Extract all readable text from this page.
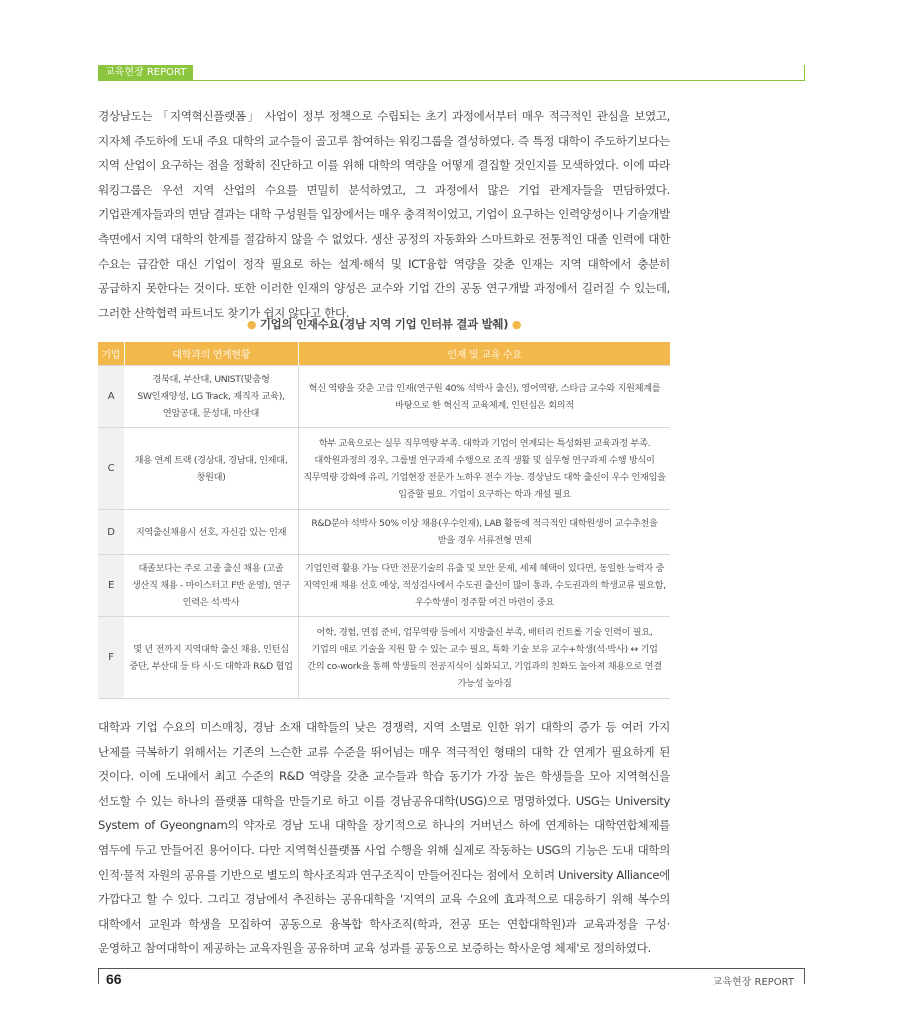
교육현장 REPORT

경상남도는 「지역혁신플랫폼」 사업이 정부 정책으로 수립되는 초기 과정에서부터 매우 적극적인 관심을 보였고, 지자체 주도하에 도내 주요 대학의 교수들이 골고루 참여하는 워킹그룹을 결성하였다. 즉 특정 대학이 주도하기보다는 지역 산업이 요구하는 점을 정확히 진단하고 이를 위해 대학의 역량을 어떻게 결집할 것인지를 모색하였다. 이에 따라 워킹그룹은 우선 지역 산업의 수요를 면밀히 분석하였고, 그 과정에서 많은 기업 관계자들을 면담하였다. 기업관계자들과의 면담 결과는 대학 구성원들 입장에서는 매우 충격적이었고, 기업이 요구하는 인력양성이나 기술개발 측면에서 지역 대학의 한계를 절감하지 않을 수 없었다. 생산 공정의 자동화와 스마트화로 전통적인 대졸 인력에 대한 수요는 급감한 대신 기업이 정작 필요로 하는 설계·해석 및 ICT융합 역량을 갖춘 인재는 지역 대학에서 충분히 공급하지 못한다는 것이다. 또한 이러한 인재의 양성은 교수와 기업 간의 공동 연구개발 과정에서 길러질 수 있는데, 그러한 산학협력 파트너도 찾기가 쉽지 않다고 한다.

● 기업의 인재수요(경남 지역 기업 인터뷰 결과 발췌) ●
기업	대학과의 연계현황	인재 및 교육 수요
A	경북대, 부산대, UNIST(맞춤형 SW인재양성, LG Track, 재직자 교육), 연암공대, 문성대, 마산대	혁신 역량을 갖춘 고급 인재(연구원 40% 석박사 출신), 영어역량, 스타급 교수와 지원체계를 바탕으로 한 혁신적 교육체계, 인턴십은 회의적
C	채용 연계 트랙 (경상대, 경남대, 인제대, 창원대)	학부 교육으로는 실무 직무역량 부족. 대학과 기업이 연계되는 특성화된 교육과정 부족. 대학원과정의 경우, 그룹별 연구과제 수행으로 조직 생활 및 실무형 연구과제 수행 방식이 직무역량 강화에 유리, 기업현장 전문가 노하우 전수 가능. 경상남도 대학 출신이 우수 인재임을 입증할 필요. 기업이 요구하는 학과 개설 필요
D	지역출신채용시 선호, 자신감 있는 인재	R&D분야 석박사 50% 이상 채용(우수인재), LAB 활동에 적극적인 대학원생이 교수추천을 받을 경우 서류전형 면제
E	대졸보다는 주로 고졸 출신 채용 (고졸 생산직 채용 - 마이스터고 F반 운영), 연구 인력은 석·박사	기업인력 활용 가능 다만 전문기술의 유출 및 보안 문제, 세제 혜택이 있다면, 동일한 능력자 중 지역인재 채용 선호 예상, 적성검사에서 수도권 출신이 많이 통과, 수도권과의 학생교류 필요함, 우수학생이 정주할 여건 마련이 중요
F	몇 년 전까지 지역대학 출신 채용, 인턴십 중단, 부산대 등 타 시·도 대학과 R&D 협업	어학, 경험, 면접 준비, 업무역량 등에서 지방출신 부족, 배터리 컨트롤 기술 인력이 필요, 기업의 애로 기술을 지원 할 수 있는 교수 필요, 특화 기술 보유 교수+학생(석·박사) ↔ 기업 간의 co-work을 통해 학생들의 전공지식이 심화되고, 기업과의 친화도 높아져 채용으로 연결 가능성 높아짐

대학과 기업 수요의 미스매칭, 경남 소재 대학들의 낮은 경쟁력, 지역 소멸로 인한 위기 대학의 증가 등 여러 가지 난제를 극복하기 위해서는 기존의 느슨한 교류 수준을 뛰어넘는 매우 적극적인 형태의 대학 간 연계가 필요하게 된 것이다. 이에 도내에서 최고 수준의 R&D 역량을 갖춘 교수들과 학습 동기가 가장 높은 학생들을 모아 지역혁신을 선도할 수 있는 하나의 플랫폼 대학을 만들기로 하고 이를 경남공유대학(USG)으로 명명하였다. USG는 University System of Gyeongnam의 약자로 경남 도내 대학을 장기적으로 하나의 거버넌스 하에 연계하는 대학연합체제를 염두에 두고 만들어진 용어이다. 다만 지역혁신플랫폼 사업 수행을 위해 실제로 작동하는 USG의 기능은 도내 대학의 인적·물적 자원의 공유를 기반으로 별도의 학사조직과 연구조직이 만들어진다는 점에서 오히려 University Alliance에 가깝다고 할 수 있다. 그리고 경남에서 추진하는 공유대학을 '지역의 교육 수요에 효과적으로 대응하기 위해 복수의 대학에서 교원과 학생을 모집하여 공동으로 융복합 학사조직(학과, 전공 또는 연합대학원)과 교육과정을 구성·운영하고 참여대학이 제공하는 교육자원을 공유하며 교육 성과를 공동으로 보증하는 학사운영 체제'로 정의하였다.

66	교육현장 REPORT
